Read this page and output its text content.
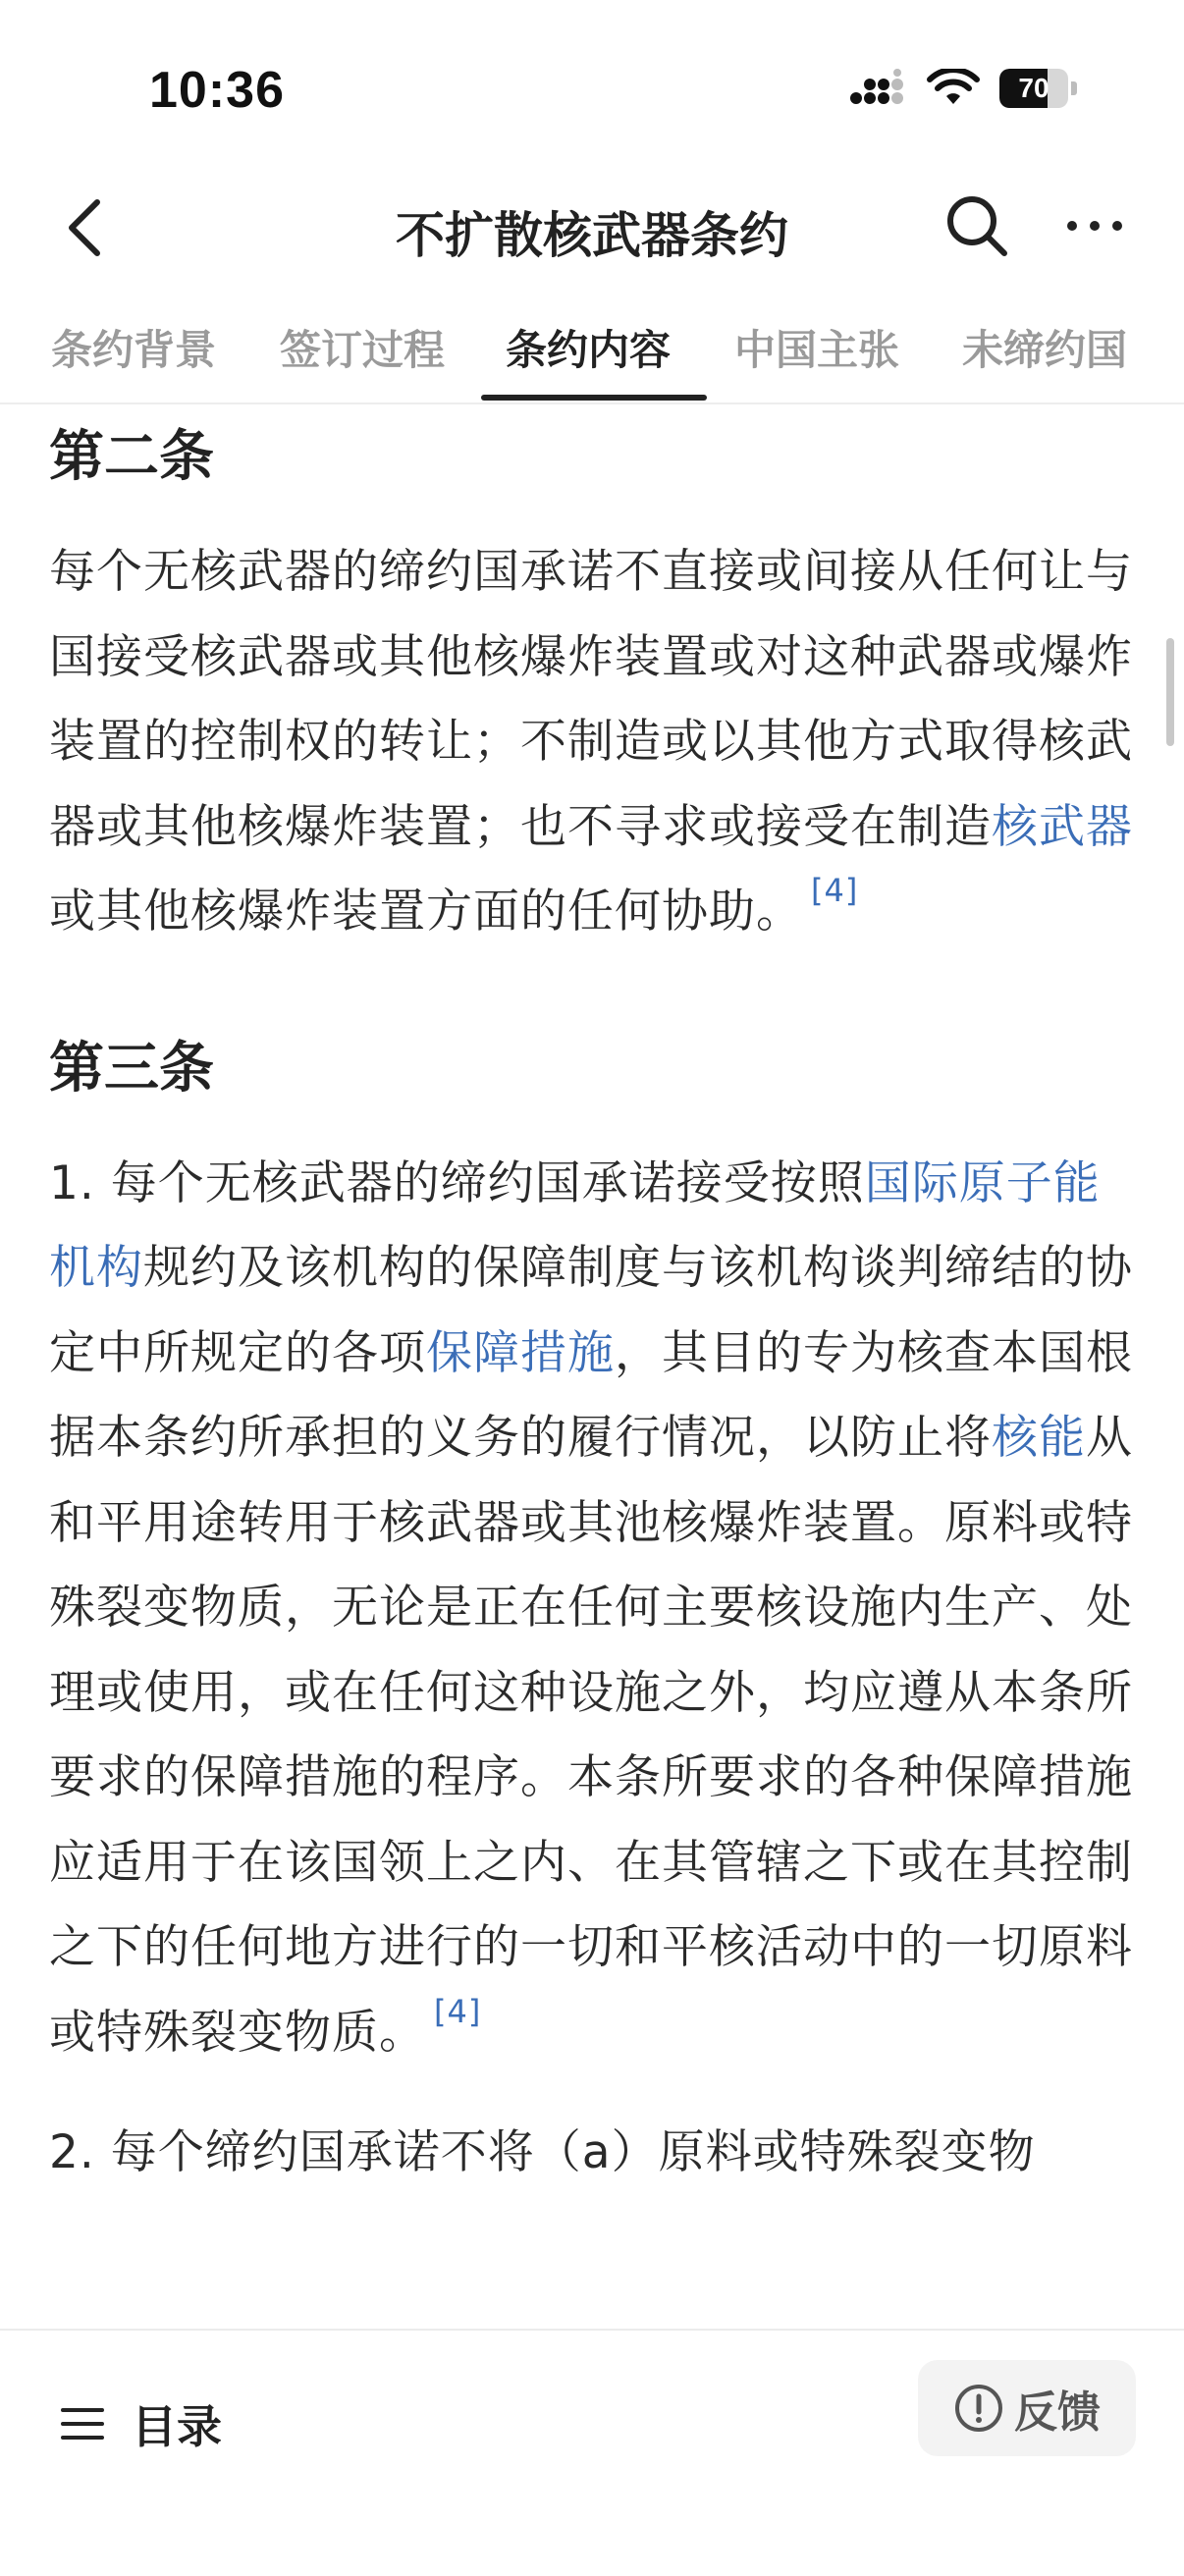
10:36	70
不扩散核武器条约
条约背景 签订过程 条约内容 中国主张 未缔约国
第二条

每个无核武器的缔约国承诺不直接或间接从任何让与国接受核武器或其他核爆炸装置或对这种武器或爆炸装置的控制权的转让；不制造或以其他方式取得核武器或其他核爆炸装置；也不寻求或接受在制造核武器或其他核爆炸装置方面的任何协助。 [4]

第三条

1. 每个无核武器的缔约国承诺接受按照国际原子能机构规约及该机构的保障制度与该机构谈判缔结的协定中所规定的各项保障措施，其目的专为核查本国根据本条约所承担的义务的履行情况，以防止将核能从和平用途转用于核武器或其池核爆炸装置。原料或特殊裂变物质，无论是正在任何主要核设施内生产、处理或使用，或在任何这种设施之外，均应遵从本条所要求的保障措施的程序。本条所要求的各种保障措施应适用于在该国领上之内、在其管辖之下或在其控制之下的任何地方进行的一切和平核活动中的一切原料或特殊裂变物质。 [4]

2. 每个缔约国承诺不将（a）原料或特殊裂变物

目录	反馈
